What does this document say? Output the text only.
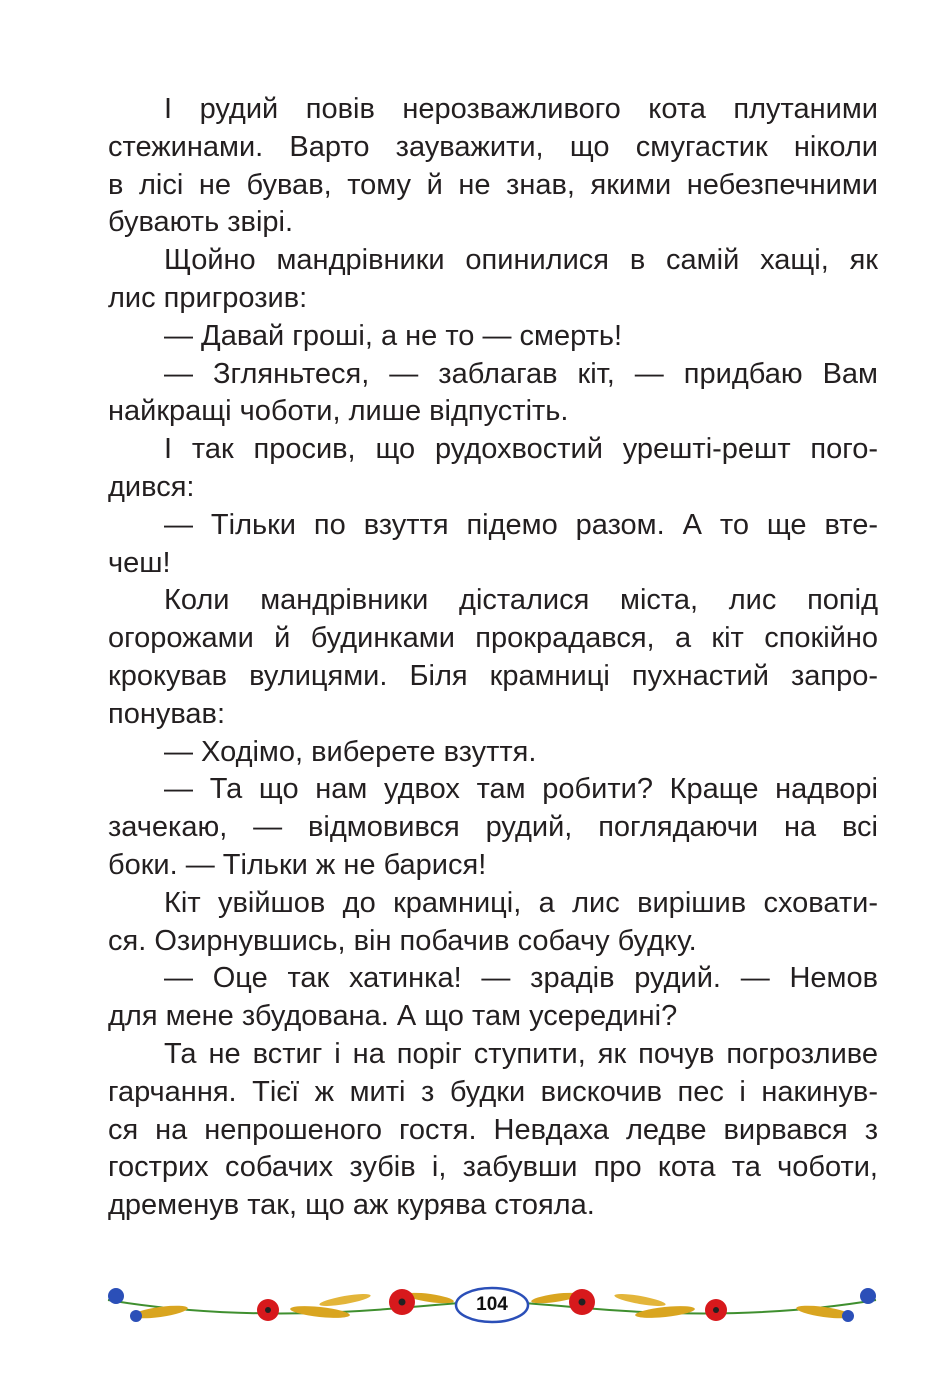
І рудий повів нерозважливого кота плутаними
стежинами. Варто зауважити, що смугастик ніколи
в лісі не бував, тому й не знав, якими небезпечними
бувають звірі.
Щойно мандрівники опинилися в самій хащі, як
лис пригрозив:
— Давай гроші, а не то — смерть!
— Згляньтеся, — заблагав кіт, — придбаю Вам
найкращі чоботи, лише відпустіть.
І так просив, що рудохвостий урешті-решт пого-
дився:
— Тільки по взуття підемо разом. А то ще вте-
чеш!
Коли мандрівники дісталися міста, лис попід
огорожами й будинками прокрадався, а кіт спокійно
крокував вулицями. Біля крамниці пухнастий запро-
понував:
— Ходімо, виберете взуття.
— Та що нам удвох там робити? Краще надворі
зачекаю, — відмовився рудий, поглядаючи на всі
боки. — Тільки ж не барися!
Кіт увійшов до крамниці, а лис вирішив сховати-
ся. Озирнувшись, він побачив собачу будку.
— Оце так хатинка! — зрадів рудий. — Немов
для мене збудована. А що там усередині?
Та не встиг і на поріг ступити, як почув погрозливе
гарчання. Тієї ж миті з будки вискочив пес і накинув-
ся на непрошеного гостя. Невдаха ледве вирвався з
гострих собачих зубів і, забувши про кота та чоботи,
дременув так, що аж курява стояла.
104
